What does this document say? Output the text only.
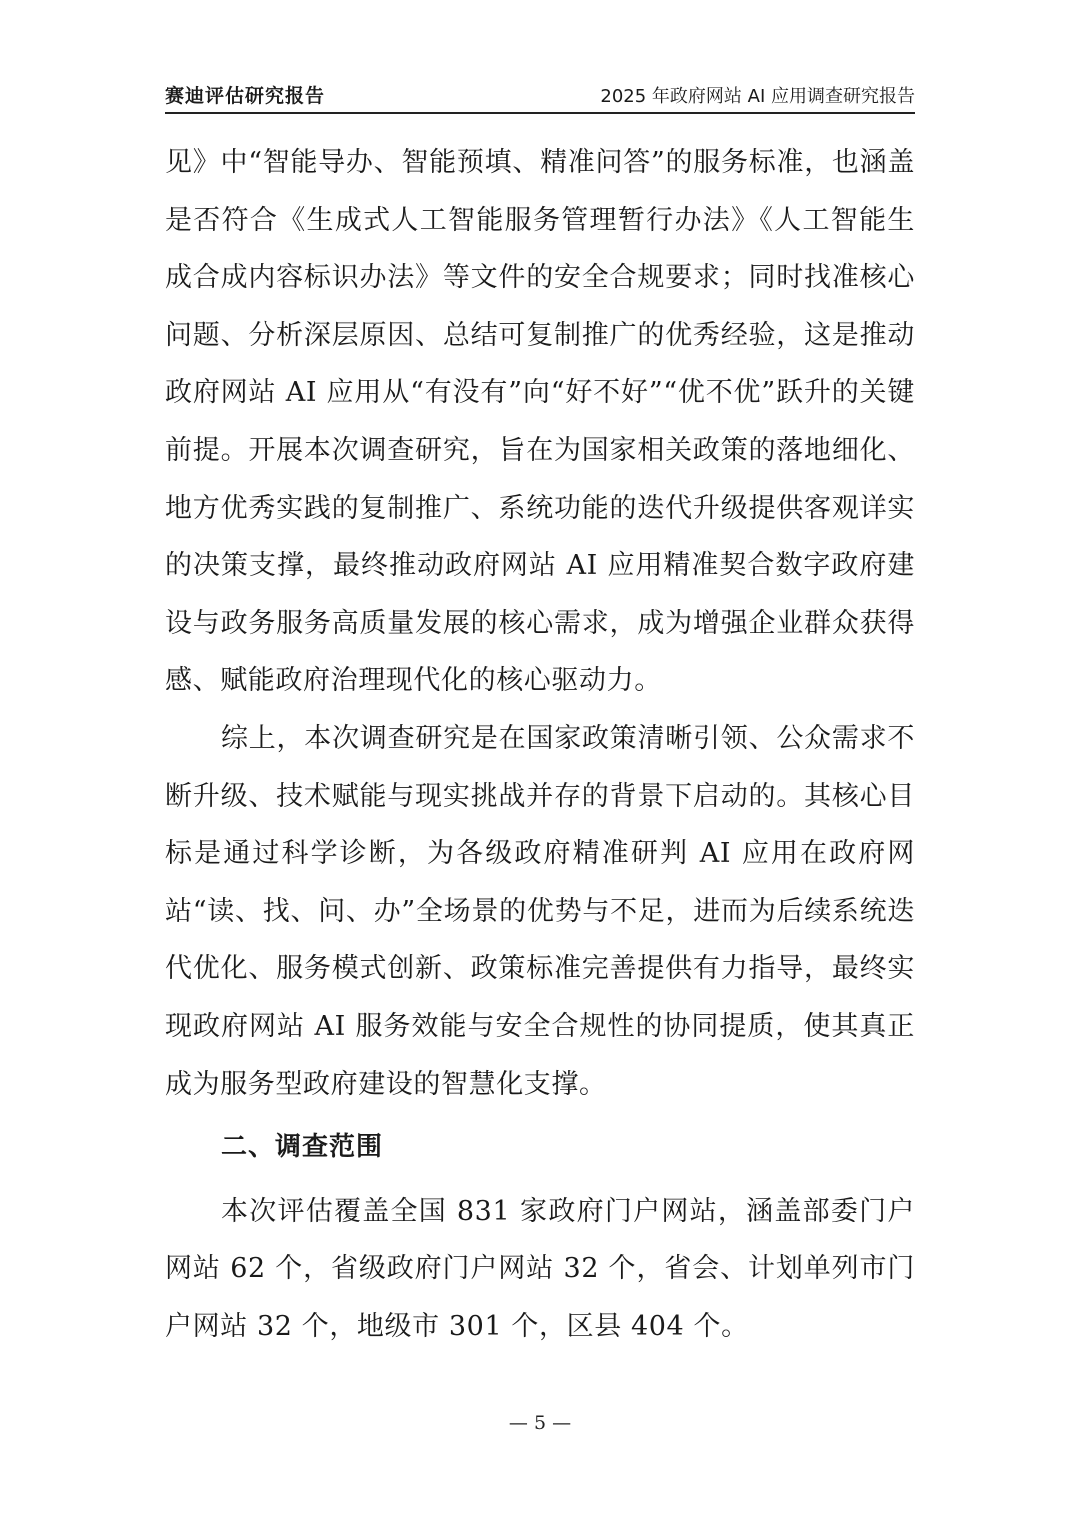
赛迪评估研究报告	2025 年政府网站 AI 应用调查研究报告

见》中“智能导办、智能预填、精准问答”的服务标准，也涵盖是否符合《生成式人工智能服务管理暂行办法》《人工智能生成合成内容标识办法》等文件的安全合规要求；同时找准核心问题、分析深层原因、总结可复制推广的优秀经验，这是推动政府网站 AI 应用从“有没有”向“好不好”“优不优”跃升的关键前提。开展本次调查研究，旨在为国家相关政策的落地细化、地方优秀实践的复制推广、系统功能的迭代升级提供客观详实的决策支撑，最终推动政府网站 AI 应用精准契合数字政府建设与政务服务高质量发展的核心需求，成为增强企业群众获得感、赋能政府治理现代化的核心驱动力。

综上，本次调查研究是在国家政策清晰引领、公众需求不断升级、技术赋能与现实挑战并存的背景下启动的。其核心目标是通过科学诊断，为各级政府精准研判 AI 应用在政府网站“读、找、问、办”全场景的优势与不足，进而为后续系统迭代优化、服务模式创新、政策标准完善提供有力指导，最终实现政府网站 AI 服务效能与安全合规性的协同提质，使其真正成为服务型政府建设的智慧化支撑。

二、调查范围

本次评估覆盖全国 831 家政府门户网站，涵盖部委门户网站 62 个，省级政府门户网站 32 个，省会、计划单列市门户网站 32 个，地级市 301 个，区县 404 个。

— 5 —
